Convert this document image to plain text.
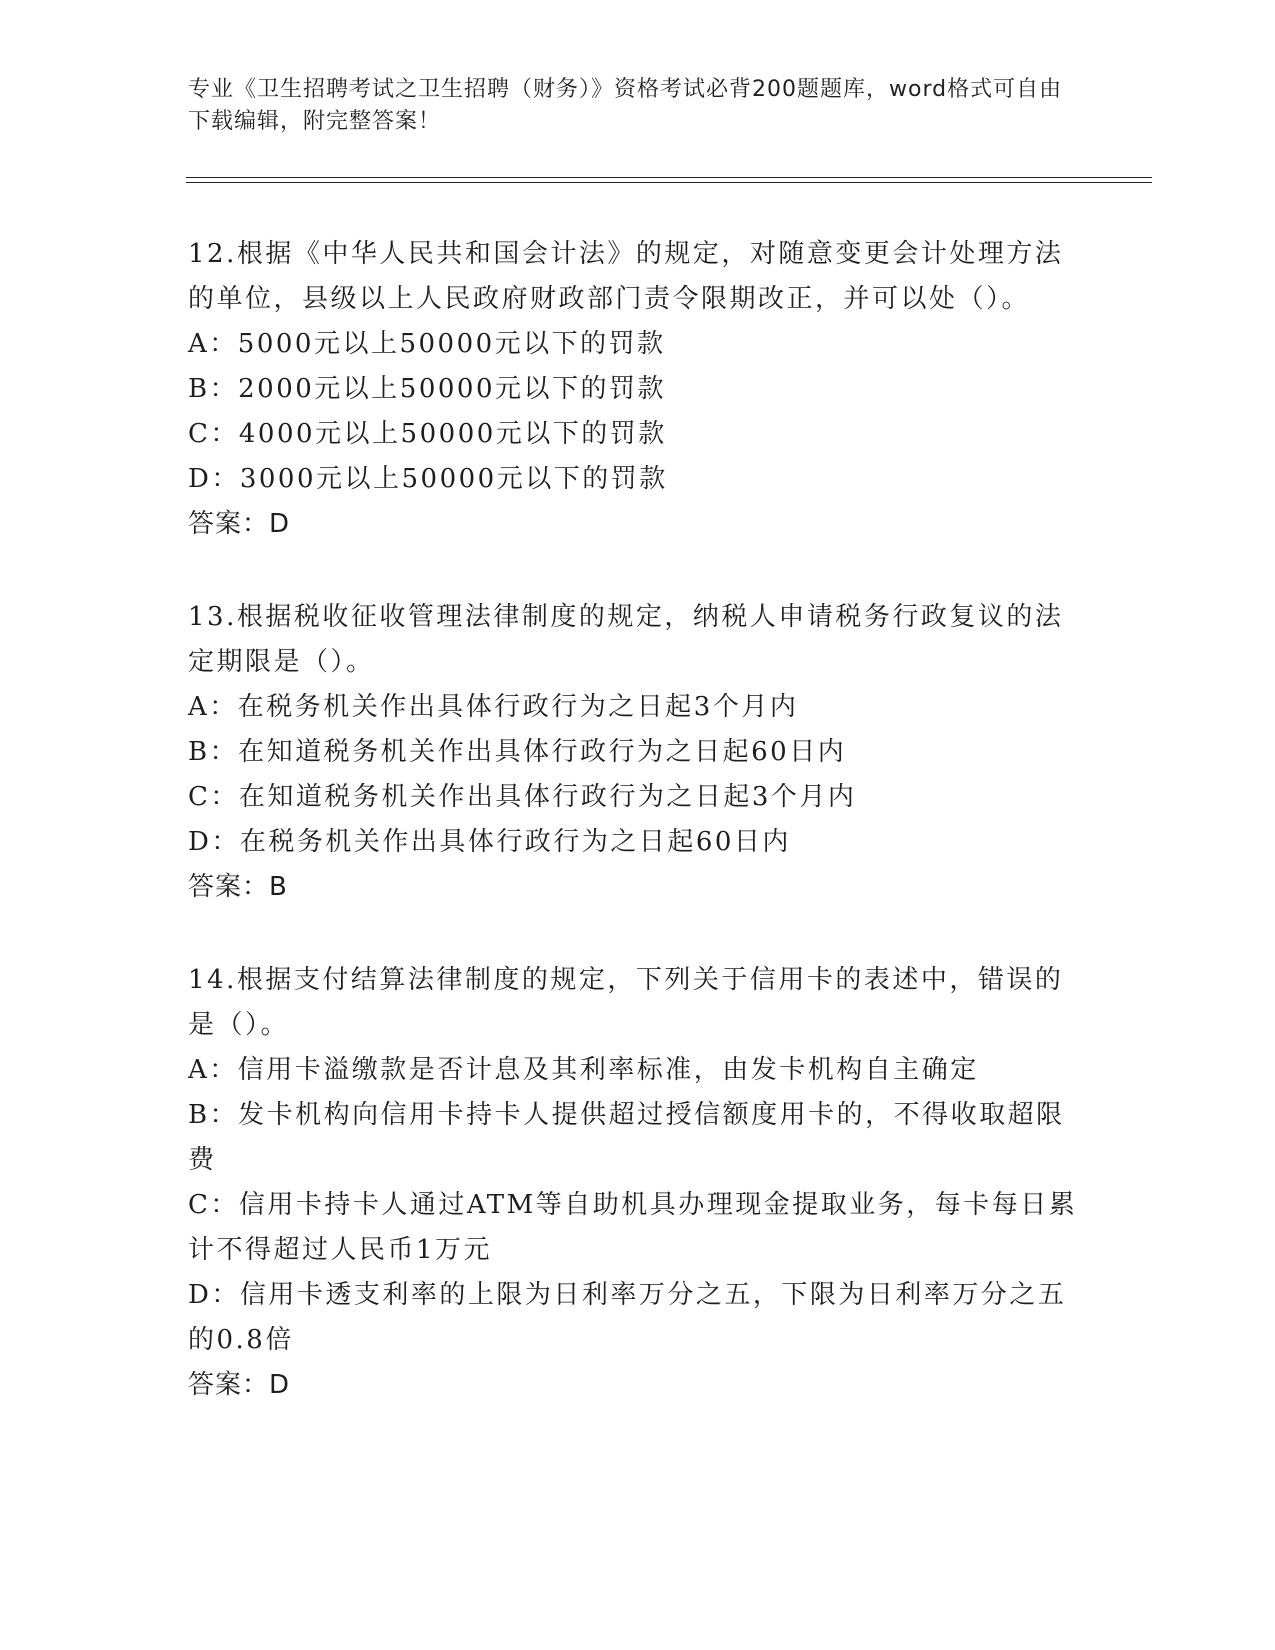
专业《卫生招聘考试之卫生招聘（财务）》资格考试必背200题题库，word格式可自由下载编辑，附完整答案！

12.根据《中华人民共和国会计法》的规定，对随意变更会计处理方法的单位，县级以上人民政府财政部门责令限期改正，并可以处（）。

A：5000元以上50000元以下的罚款

B：2000元以上50000元以下的罚款

C：4000元以上50000元以下的罚款

D：3000元以上50000元以下的罚款

答案：D

13.根据税收征收管理法律制度的规定，纳税人申请税务行政复议的法定期限是（）。

A：在税务机关作出具体行政行为之日起3个月内

B：在知道税务机关作出具体行政行为之日起60日内

C：在知道税务机关作出具体行政行为之日起3个月内

D：在税务机关作出具体行政行为之日起60日内

答案：B

14.根据支付结算法律制度的规定，下列关于信用卡的表述中，错误的是（）。

A：信用卡溢缴款是否计息及其利率标准，由发卡机构自主确定

B：发卡机构向信用卡持卡人提供超过授信额度用卡的，不得收取超限费

C：信用卡持卡人通过ATM等自助机具办理现金提取业务，每卡每日累计不得超过人民币1万元

D：信用卡透支利率的上限为日利率万分之五，下限为日利率万分之五的0.8倍

答案：D
